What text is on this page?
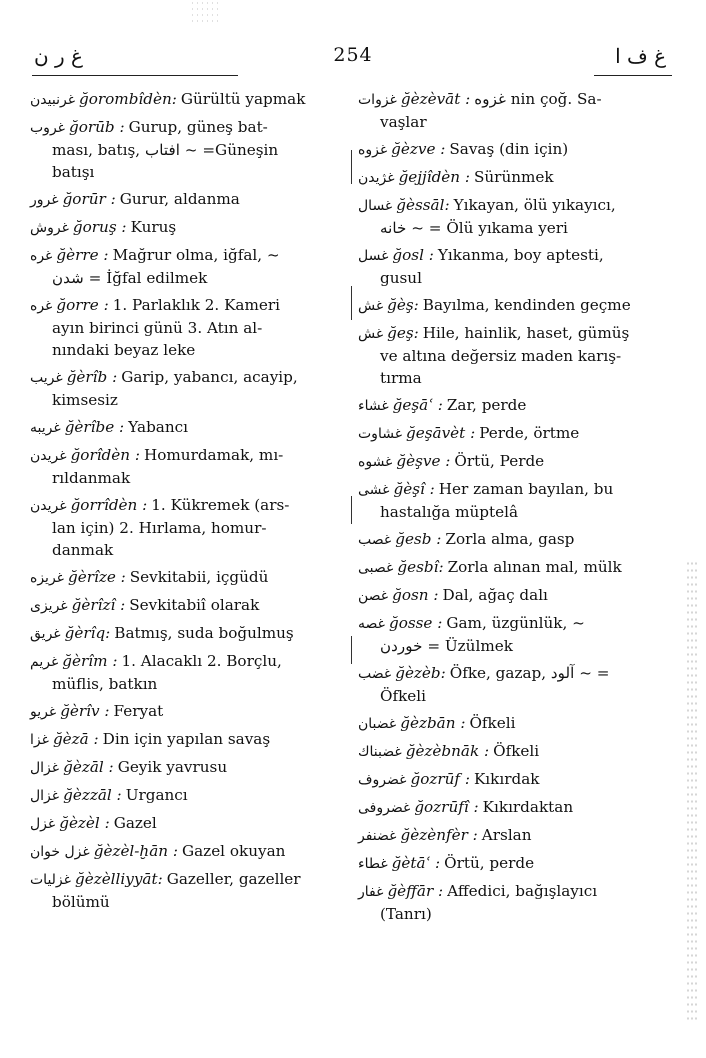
غ ر ن	254	غ ف ا
غرنبیدن ğorombîdèn: Gürültü yapmak
غروب ğorūb : Gurup, güneş bat-
ması, batış, افتاب ~ =Güneşin
batışı
غرور ğorūr : Gurur, aldanma
غروش ğoruş : Kuruş
غره ğèrre : Mağrur olma, iğfal, ~
شدن = İğfal edilmek
غره ğorre : 1. Parlaklık 2. Kameri
ayın birinci günü 3. Atın al-
nındaki beyaz leke
غریب ğèrîb : Garip, yabancı, acayip,
kimsesiz
غریبه ğèrîbe : Yabancı
غریدن ğorîdèn : Homurdamak, mı-
rıldanmak
غریدن ğorrîdèn : 1. Kükremek (ars-
lan için) 2. Hırlama, homur-
danmak
غریزه ğèrîze : Sevkitabii, içgüdü
غریزی ğèrîzî : Sevkitabiî olarak
غریق ğèrîq: Batmış, suda boğulmuş
غریم ğèrîm : 1. Alacaklı 2. Borçlu,
müflis, batkın
غریو ğèrîv : Feryat
غزا ğèzā : Din için yapılan savaş
غزال ğèzāl : Geyik yavrusu
غزال ğèzzāl : Urgancı
غزل ğèzèl : Gazel
غزل خوان ğèzèl-ḫān : Gazel okuyan
غزلیات ğèzèlliyyāt: Gazeller, gazeller
bölümü
غزوات ğèzèvāt : غزوه nin çoğ. Sa-
vaşlar
غزوه ğèzve : Savaş (din için)
غژیدن ğejjîdèn : Sürünmek
غسال ğèssāl: Yıkayan, ölü yıkayıcı,
خانه ~ = Ölü yıkama yeri
غسل ğosl : Yıkanma, boy aptesti,
gusul
غش ğèş: Bayılma, kendinden geçme
غش ğeş: Hile, hainlik, haset, gümüş
ve altına değersiz maden karış-
tırma
غشاء ğeşāʿ : Zar, perde
غشاوت ğeşāvèt : Perde, örtme
غشوه ğèşve : Örtü, Perde
غشی ğèşî : Her zaman bayılan, bu
hastalığa müptelâ
غصب ğesb : Zorla alma, gasp
غصبی ğesbî: Zorla alınan mal, mülk
غصن ğosn : Dal, ağaç dalı
غصه ğosse : Gam, üzgünlük, ~
خوردن = Üzülmek
غضب ğèzèb: Öfke, gazap, آلود ~ =
Öfkeli
غضبان ğèzbān : Öfkeli
غضبناك ğèzèbnāk : Öfkeli
غضروف ğozrūf : Kıkırdak
غضروفی ğozrūfî : Kıkırdaktan
غضنفر ğèzènfèr : Arslan
غطاء ğètāʿ : Örtü, perde
غفار ğèffār : Affedici, bağışlayıcı
(Tanrı)
